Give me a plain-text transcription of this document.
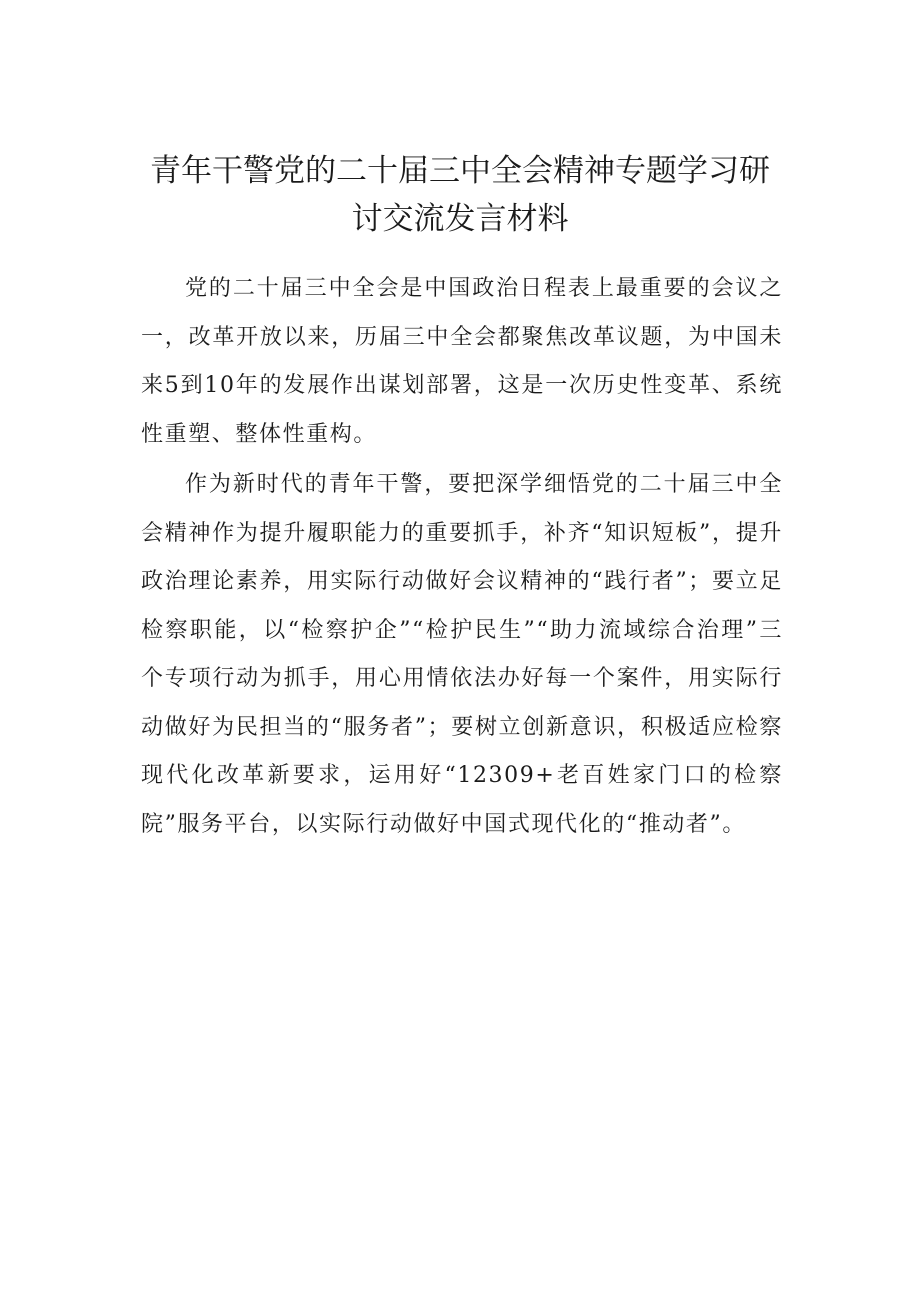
青年干警党的二十届三中全会精神专题学习研
讨交流发言材料

党的二十届三中全会是中国政治日程表上最重要的会议之一，改革开放以来，历届三中全会都聚焦改革议题，为中国未来5到10年的发展作出谋划部署，这是一次历史性变革、系统性重塑、整体性重构。

作为新时代的青年干警，要把深学细悟党的二十届三中全会精神作为提升履职能力的重要抓手，补齐“知识短板”，提升政治理论素养，用实际行动做好会议精神的“践行者”；要立足检察职能，以“检察护企”“检护民生”“助力流域综合治理”三个专项行动为抓手，用心用情依法办好每一个案件，用实际行动做好为民担当的“服务者”；要树立创新意识，积极适应检察现代化改革新要求，运用好“12309+老百姓家门口的检察院”服务平台，以实际行动做好中国式现代化的“推动者”。
